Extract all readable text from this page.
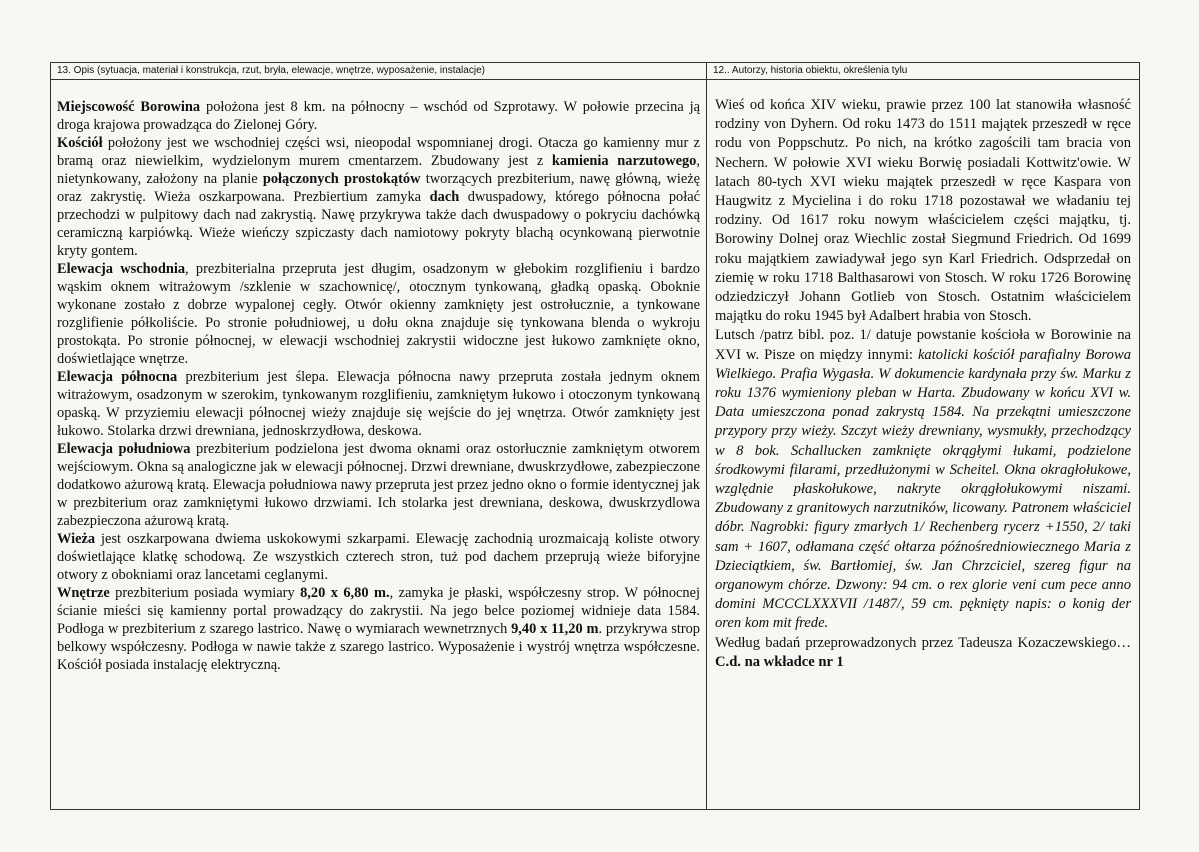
13. Opis (sytuacja, materiał i konstrukcja, rzut, bryła, elewacje, wnętrze, wyposażenie, instalacje)

Miejscowość Borowina położona jest 8 km. na północny – wschód od Szprotawy. W połowie przecina ją droga krajowa prowadząca do Zielonej Góry.

Kościół położony jest we wschodniej części wsi, nieopodal wspomnianej drogi. Otacza go kamienny mur z bramą oraz niewielkim, wydzielonym murem cmentarzem. Zbudowany jest z kamienia narzutowego, nietynkowany, założony na planie połączonych prostokątów tworzących prezbiterium, nawę główną, wieżę oraz zakrystię. Wieża oszkarpowana. Prezbiertium zamyka dach dwuspadowy, którego północna połać przechodzi w pulpitowy dach nad zakrystią. Nawę przykrywa także dach dwuspadowy o pokryciu dachówką ceramiczną karpiówką. Wieże wieńczy szpiczasty dach namiotowy pokryty blachą ocynkowaną pierwotnie kryty gontem.

Elewacja wschodnia, prezbiterialna przepruta jest długim, osadzonym w głebokim rozglifieniu i bardzo wąskim oknem witrażowym /szklenie w szachownicę/, otocznym tynkowaną, gładką opaską. Oboknie wykonane zostało z dobrze wypalonej cegły. Otwór okienny zamknięty jest ostrołucznie, a tynkowane rozglifienie półkoliście. Po stronie południowej, u dołu okna znajduje się tynkowana blenda o wykroju prostokąta. Po stronie północnej, w elewacji wschodniej zakrystii widoczne jest łukowo zamknięte okno, doświetlające wnętrze.

Elewacja północna prezbiterium jest ślepa. Elewacja północna nawy przepruta została jednym oknem witrażowym, osadzonym w szerokim, tynkowanym rozglifieniu, zamkniętym łukowo i otoczonym tynkowaną opaską. W przyziemiu elewacji północnej wieży znajduje się wejście do jej wnętrza. Otwór zamknięty jest łukowo. Stolarka drzwi drewniana, jednoskrzydłowa, deskowa.

Elewacja południowa prezbiterium podzielona jest dwoma oknami oraz ostorłucznie zamkniętym otworem wejściowym. Okna są analogiczne jak w elewacji północnej. Drzwi drewniane, dwuskrzydłowe, zabezpieczone dodatkowo ażurową kratą. Elewacja południowa nawy przepruta jest przez jedno okno o formie identycznej jak w prezbiterium oraz zamkniętymi łukowo drzwiami. Ich stolarka jest drewniana, deskowa, dwuskrzydlowa zabezpieczona ażurową kratą.

Wieża jest oszkarpowana dwiema uskokowymi szkarpami. Elewację zachodnią urozmaicają koliste otwory doświetlające klatkę schodową. Ze wszystkich czterech stron, tuż pod dachem przeprują wieże biforyjne otwory z obokniami oraz lancetami ceglanymi.

Wnętrze prezbiterium posiada wymiary 8,20 x 6,80 m., zamyka je płaski, współczesny strop. W północnej ścianie mieści się kamienny portal prowadzący do zakrystii. Na jego belce poziomej widnieje data 1584. Podłoga w prezbiterium z szarego lastrico. Nawę o wymiarach wewnetrznych 9,40 x 11,20 m. przykrywa strop belkowy współczesny. Podłoga w nawie także z szarego lastrico. Wyposażenie i wystrój wnętrza współczesne. Kościół posiada instalację elektryczną.

12.. Autorzy, historia obiektu, określenia tylu

Wieś od końca XIV wieku, prawie przez 100 lat stanowiła własność rodziny von Dyhern. Od roku 1473 do 1511 majątek przeszedł w ręce rodu von Poppschutz. Po nich, na krótko zagościli tam bracia von Nechern. W połowie XVI wieku Borwię posiadali Kottwitz'owie. W latach 80-tych XVI wieku majątek przeszedł w ręce Kaspara von Haugwitz z Mycielina i do roku 1718 pozostawał we władaniu tej rodziny. Od 1617 roku nowym właścicielem części majątku, tj. Borowiny Dolnej oraz Wiechlic został Siegmund Friedrich. Od 1699 roku majątkiem zawiadywał jego syn Karl Friedrich. Odsprzedał on ziemię w roku 1718 Balthasarowi von Stosch. W roku 1726 Borowinę odziedziczył Johann Gotlieb von Stosch. Ostatnim właścicielem majątku do roku 1945 był Adalbert hrabia von Stosch.

Lutsch /patrz bibl. poz. 1/ datuje powstanie kościoła w Borowinie na XVI w. Pisze on między innymi: katolicki kościół parafialny Borowa Wielkiego. Prafia Wygasła. W dokumencie kardynała przy św. Marku z roku 1376 wymieniony pleban w Harta. Zbudowany w końcu XVI w. Data umieszczona ponad zakrystą 1584. Na przekątni umieszczone przypory przy wieży. Szczyt wieży drewniany, wysmukły, przechodzący w 8 bok. Schallucken zamknięte okrągłymi łukami, podzielone środkowymi filarami, przedłużonymi w Scheitel. Okna okragłołukowe, względnie płaskołukowe, nakryte okrągłołukowymi niszami. Zbudowany z granitowych narzutników, licowany. Patronem właściciel dóbr. Nagrobki: figury zmarłych 1/ Rechenberg rycerz +1550, 2/ taki sam + 1607, odłamana część ołtarza późnośredniowiecznego Maria z Dzieciątkiem, św. Bartłomiej, św. Jan Chrzciciel, szereg figur na organowym chórze. Dzwony: 94 cm. o rex glorie veni cum pece anno domini MCCCLXXXVII /1487/, 59 cm. pęknięty napis: o konig der oren kom mit frede.

Według badań przeprowadzonych przez Tadeusza Kozaczewskiego… C.d. na wkładce nr 1
